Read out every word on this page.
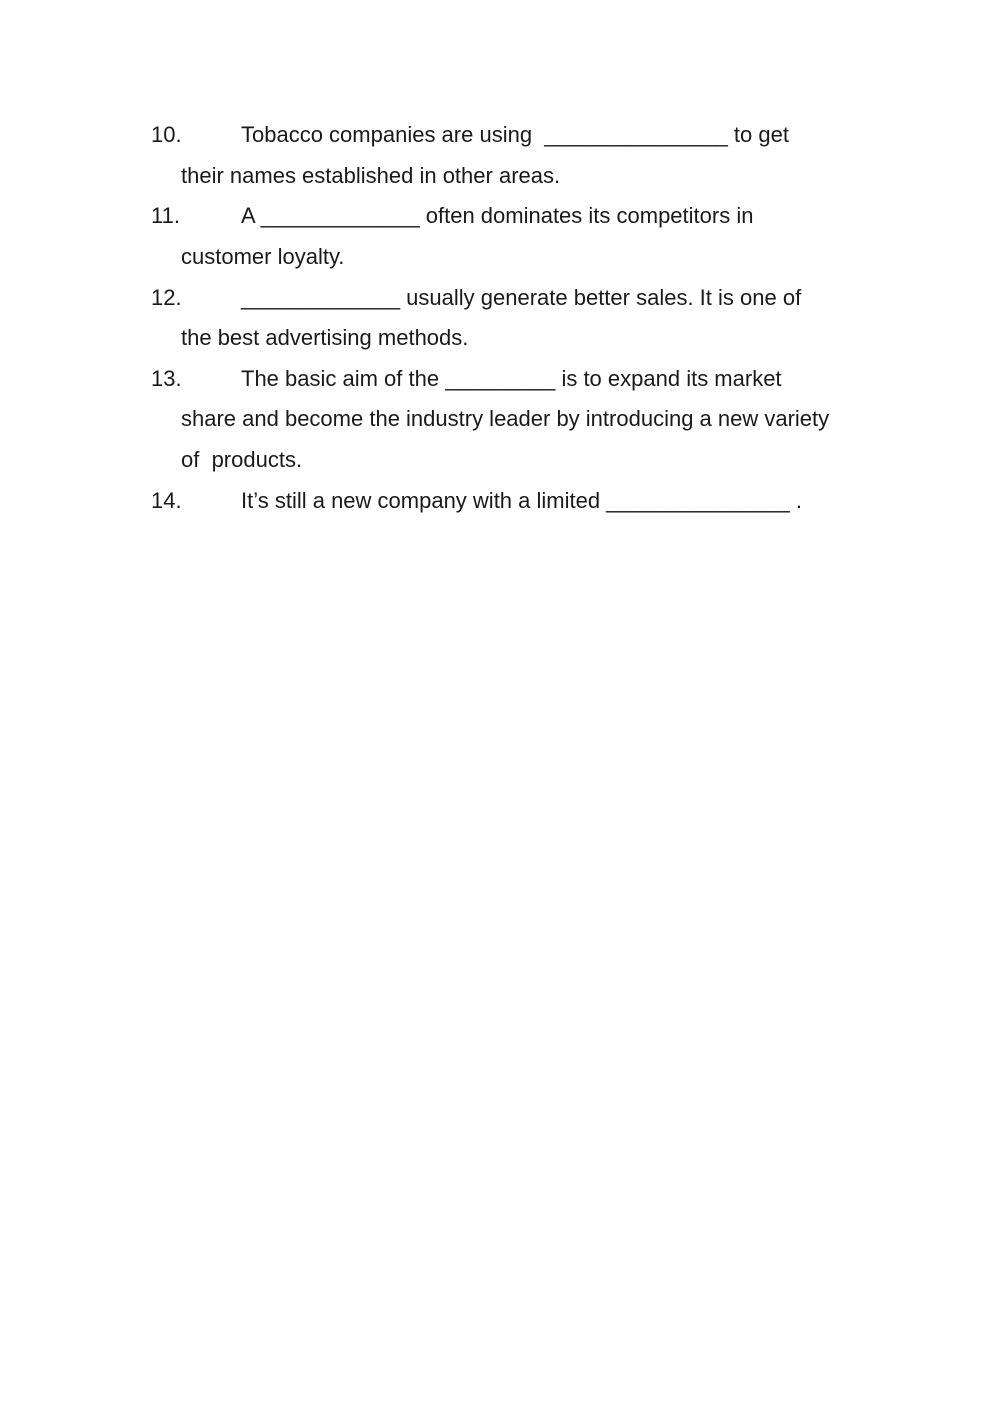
10.	Tobacco companies are using  _______________ to get
their names established in other areas.
11.	A _____________ often dominates its competitors in
customer loyalty.
12.	_____________ usually generate better sales. It is one of
the best advertising methods.
13.	The basic aim of the _________ is to expand its market
share and become the industry leader by introducing a new variety
of  products.
14.	It’s still a new company with a limited _______________ .
